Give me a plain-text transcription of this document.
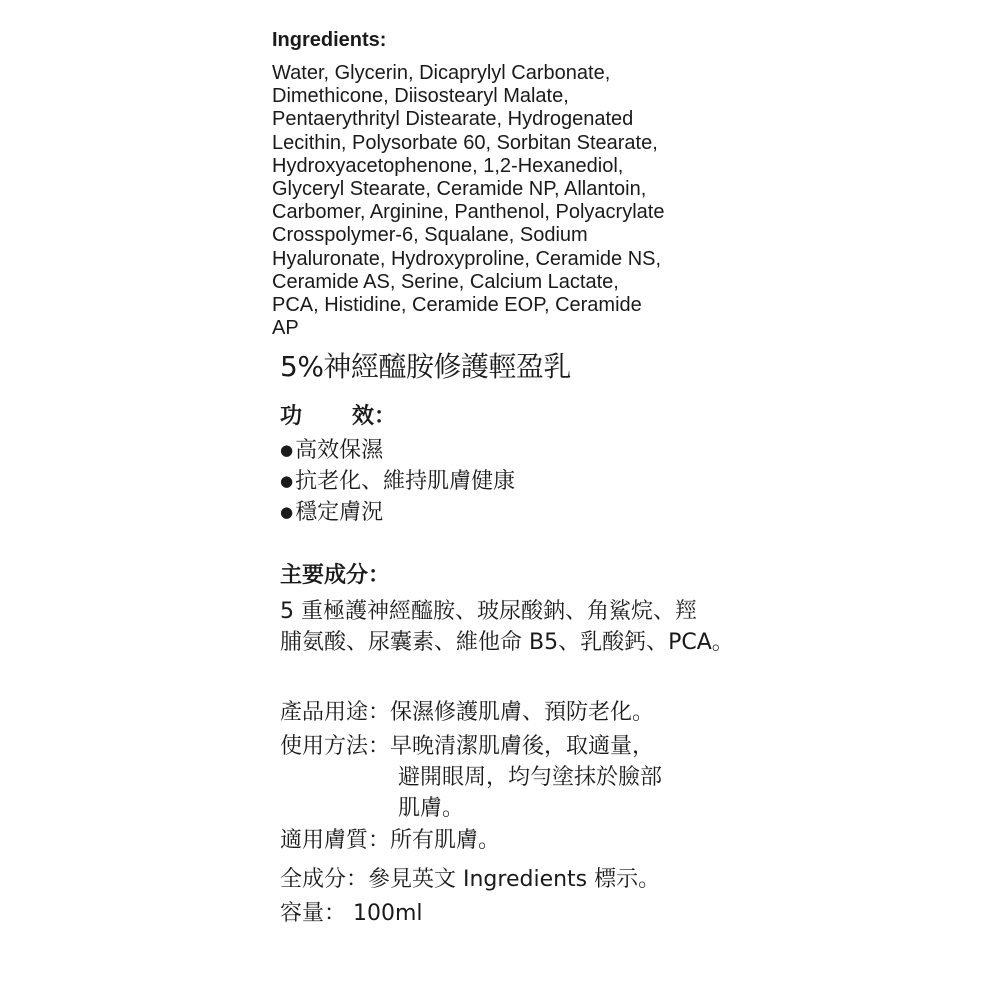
Ingredients:
Water, Glycerin, Dicaprylyl Carbonate,
Dimethicone, Diisostearyl Malate,
Pentaerythrityl Distearate, Hydrogenated
Lecithin, Polysorbate 60, Sorbitan Stearate,
Hydroxyacetophenone, 1,2-Hexanediol,
Glyceryl Stearate, Ceramide NP, Allantoin,
Carbomer, Arginine, Panthenol, Polyacrylate
Crosspolymer-6, Squalane, Sodium
Hyaluronate, Hydroxyproline, Ceramide NS,
Ceramide AS, Serine, Calcium Lactate,
PCA, Histidine, Ceramide EOP, Ceramide
AP
5%神經醯胺修護輕盈乳
功 效：
●高效保濕
●抗老化、維持肌膚健康
●穩定膚況
主要成分：
5 重極護神經醯胺、玻尿酸鈉、角鯊烷、羥
脯氨酸、尿囊素、維他命 B5、乳酸鈣、PCA。
產品用途：保濕修護肌膚、預防老化。
使用方法：早晚清潔肌膚後，取適量，
避開眼周，均勻塗抹於臉部
肌膚。
適用膚質：所有肌膚。
全成分：參見英文 Ingredients 標示。
容量： 100ml
